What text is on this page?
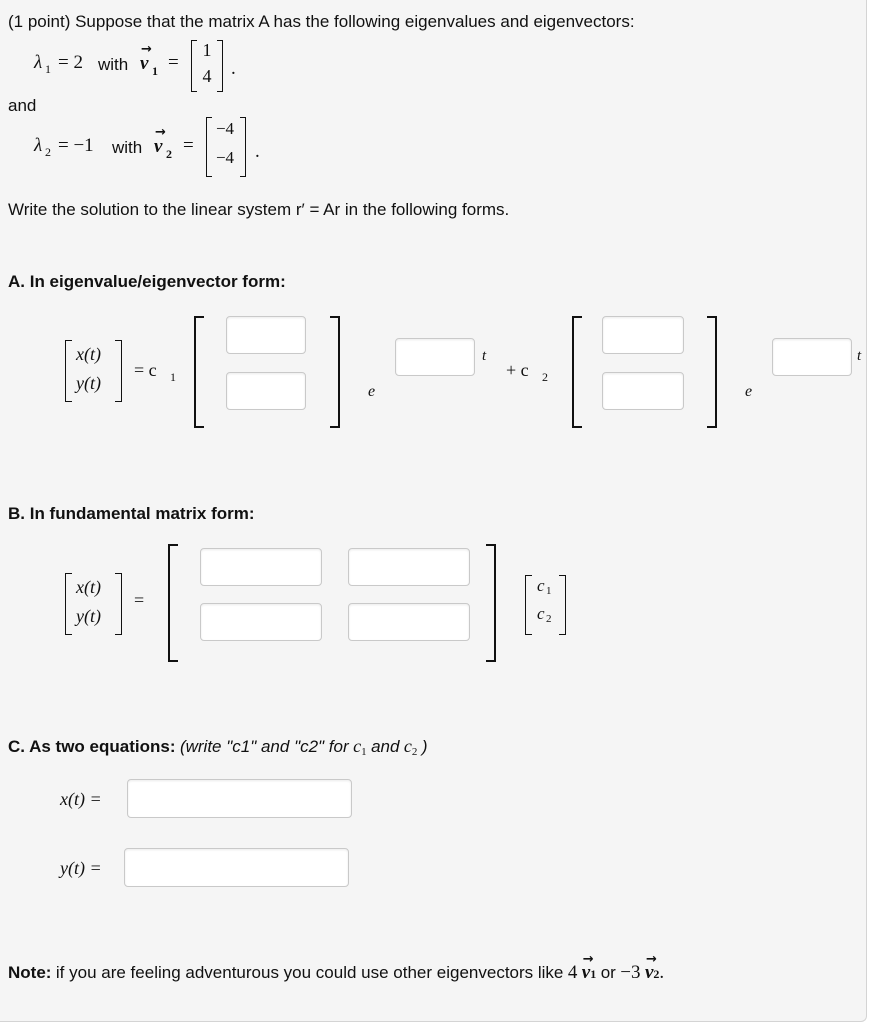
(1 point) Suppose that the matrix A has the following eigenvalues and eigenvectors:
λ 1 = 2 with v
→
1 =
1
4 .
and
λ 2 = −1 with v
→
2 =
−4
−4 .
Write the solution to the linear system r′ = Ar in the following forms.
A. In eigenvalue/eigenvector form:
x(t)
y(t)
= c 1
e
t
+ c 2
e
t
B. In fundamental matrix form:
x(t)
y(t)
=
c 1
c 2
C. As two equations: (write "c1" and "c2" for c1 and c2 )
x(t) =
y(t) =
Note: if you are feeling adventurous you could use other eigenvectors like 4 v1
→
or −3 v2
→
.
